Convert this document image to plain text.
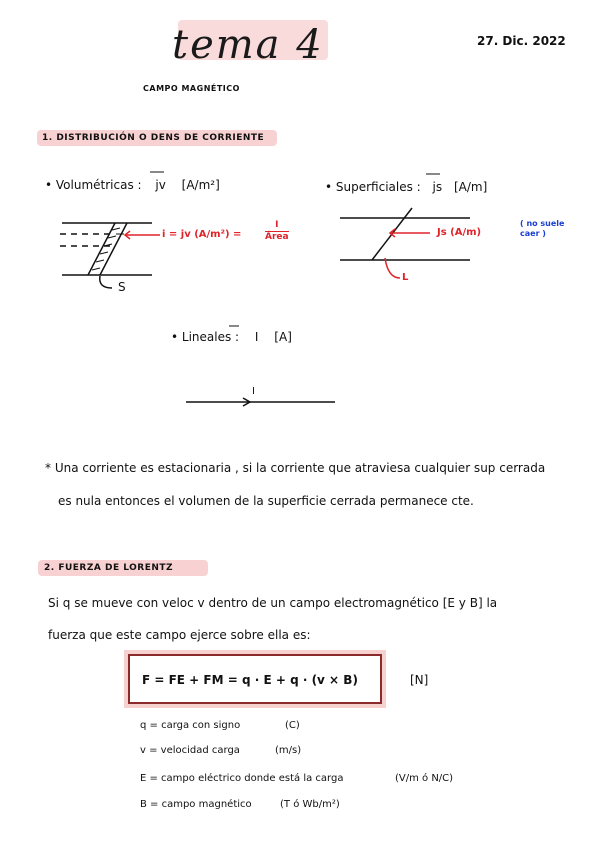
tema 4	27. Dic. 2022
CAMPO MAGNÉTICO
1. DISTRIBUCIÓN O DENS DE CORRIENTE
• Volumétricas : jv [A/m²]	• Superficiales : js [A/m]
i = jv (A/m²) =
I
Área
S
Js (A/m)
( no suele caer )
L
• Lineales : I [A]
I
* Una corriente es estacionaria , si la corriente que atraviesa cualquier sup cerrada
es nula entonces el volumen de la superficie cerrada permanece cte.
2. FUERZA DE LORENTZ
Si q se mueve con veloc v dentro de un campo electromagnético [E y B] la
fuerza que este campo ejerce sobre ella es:
F = FE + FM = q · E + q · (v × B)	[N]
q = carga con signo	(C)
v = velocidad carga	(m/s)
E = campo eléctrico donde está la carga	(V/m ó N/C)
B = campo magnético	(T ó Wb/m²)
